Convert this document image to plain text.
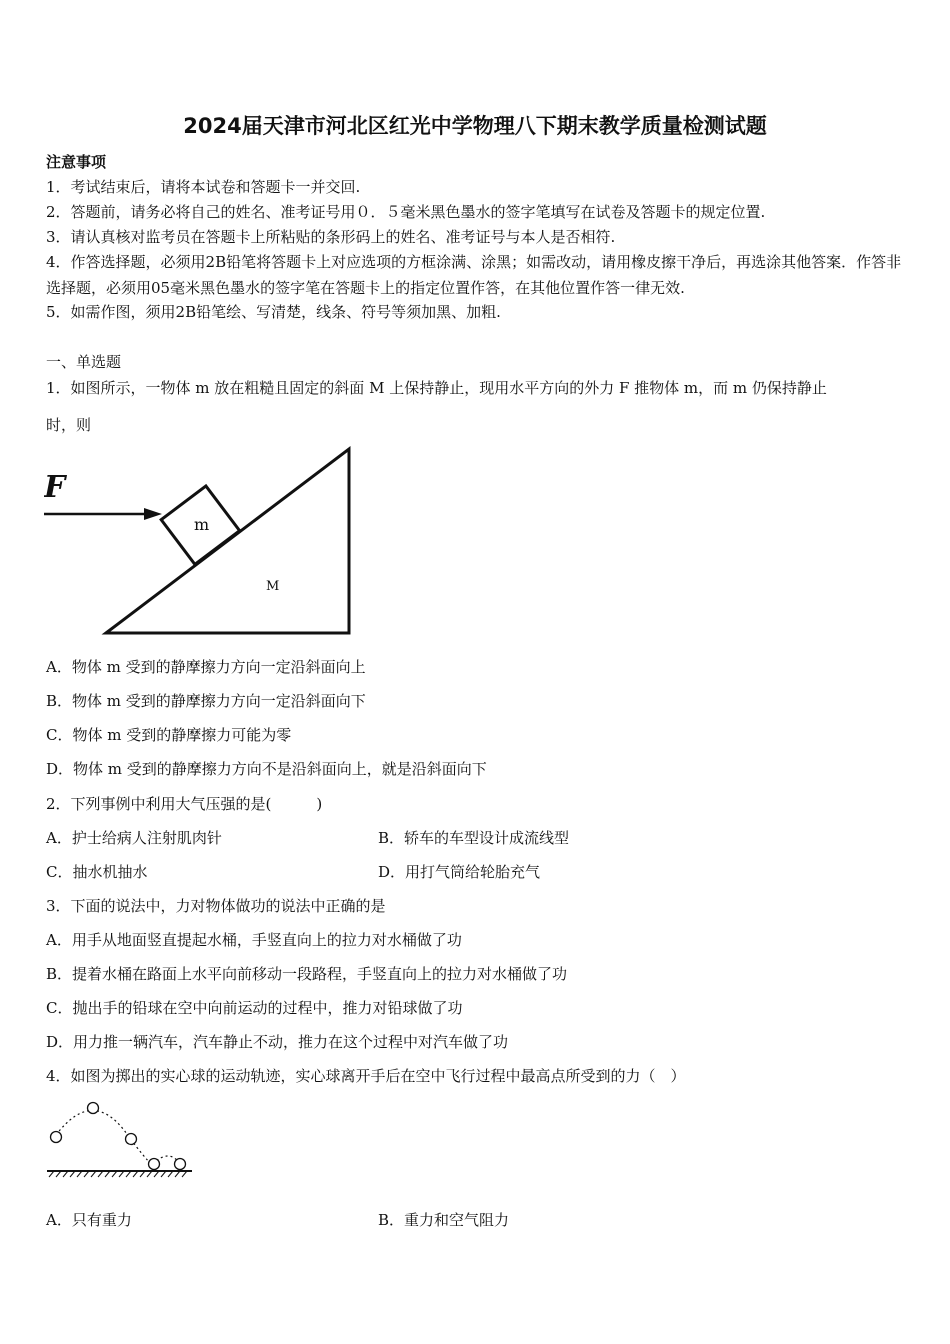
2024届天津市河北区红光中学物理八下期末教学质量检测试题
注意事项
1．考试结束后，请将本试卷和答题卡一并交回.
2．答题前，请务必将自己的姓名、准考证号用０．５毫米黑色墨水的签字笔填写在试卷及答题卡的规定位置.
3．请认真核对监考员在答题卡上所粘贴的条形码上的姓名、准考证号与本人是否相符.
4．作答选择题，必须用2B铅笔将答题卡上对应选项的方框涂满、涂黑；如需改动，请用橡皮擦干净后，再选涂其他答案．作答非选择题，必须用05毫米黑色墨水的签字笔在答题卡上的指定位置作答，在其他位置作答一律无效.
5．如需作图，须用2B铅笔绘、写清楚，线条、符号等须加黑、加粗.
一、单选题
1．如图所示，一物体 m 放在粗糙且固定的斜面 M 上保持静止，现用水平方向的外力 F 推物体 m，而 m 仍保持静止
时，则
F
m
M
A．物体 m 受到的静摩擦力方向一定沿斜面向上
B．物体 m 受到的静摩擦力方向一定沿斜面向下
C．物体 m 受到的静摩擦力可能为零
D．物体 m 受到的静摩擦力方向不是沿斜面向上，就是沿斜面向下
2．下列事例中利用大气压强的是(　　　)
A．护士给病人注射肌肉针	B．轿车的车型设计成流线型
C．抽水机抽水	D．用打气筒给轮胎充气
3．下面的说法中，力对物体做功的说法中正确的是
A．用手从地面竖直提起水桶，手竖直向上的拉力对水桶做了功
B．提着水桶在路面上水平向前移动一段路程，手竖直向上的拉力对水桶做了功
C．抛出手的铅球在空中向前运动的过程中，推力对铅球做了功
D．用力推一辆汽车，汽车静止不动，推力在这个过程中对汽车做了功
4．如图为掷出的实心球的运动轨迹，实心球离开手后在空中飞行过程中最高点所受到的力（　）
A．只有重力	B．重力和空气阻力
